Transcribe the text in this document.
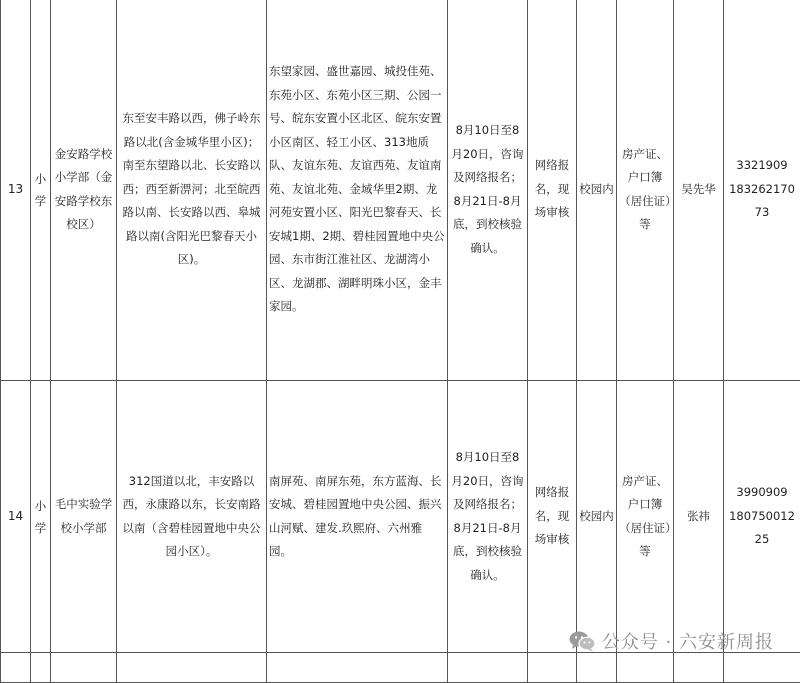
13	小学	金安路学校小学部（金安路学校东校区）	东至安丰路以西，佛子岭东路以北(含金城华里小区)；南至东望路以北、长安路以西；西至新淠河；北至皖西路以南、长安路以西、皋城路以南(含阳光巴黎春天小区)。	东望家园、盛世嘉园、城投佳苑、东苑小区、东苑小区三期、公园一号、皖东安置小区北区、皖东安置小区南区、轻工小区、313地质队、友谊东苑、友谊西苑、友谊南苑、友谊北苑、金域华里2期、龙河苑安置小区、阳光巴黎春天、长安城1期、2期、碧桂园置地中央公园、东市街江淮社区、龙湖湾小区、龙湖郡、湖畔明珠小区，金丰家园。	8月10日至8月20日，咨询及网络报名；8月21日-8月底，到校核验确认。	网络报名，现场审核	校园内	房产证、户口簿（居住证）等	吴先华	3321909
18326217073

14	小学	毛中实验学校小学部	312国道以北，丰安路以西，永康路以东，长安南路以南（含碧桂园置地中央公园小区）。	南屏苑、南屏东苑，东方蓝海、长安城、碧桂园置地中央公园、振兴山河赋、建发.玖熙府、六州雅园。	8月10日至8月20日，咨询及网络报名；8月21日-8月底，到校核验确认。	网络报名，现场审核	校园内	房产证、户口簿（居住证）等	张祎	3990909
18075001225

公众号 · 六安新周报
